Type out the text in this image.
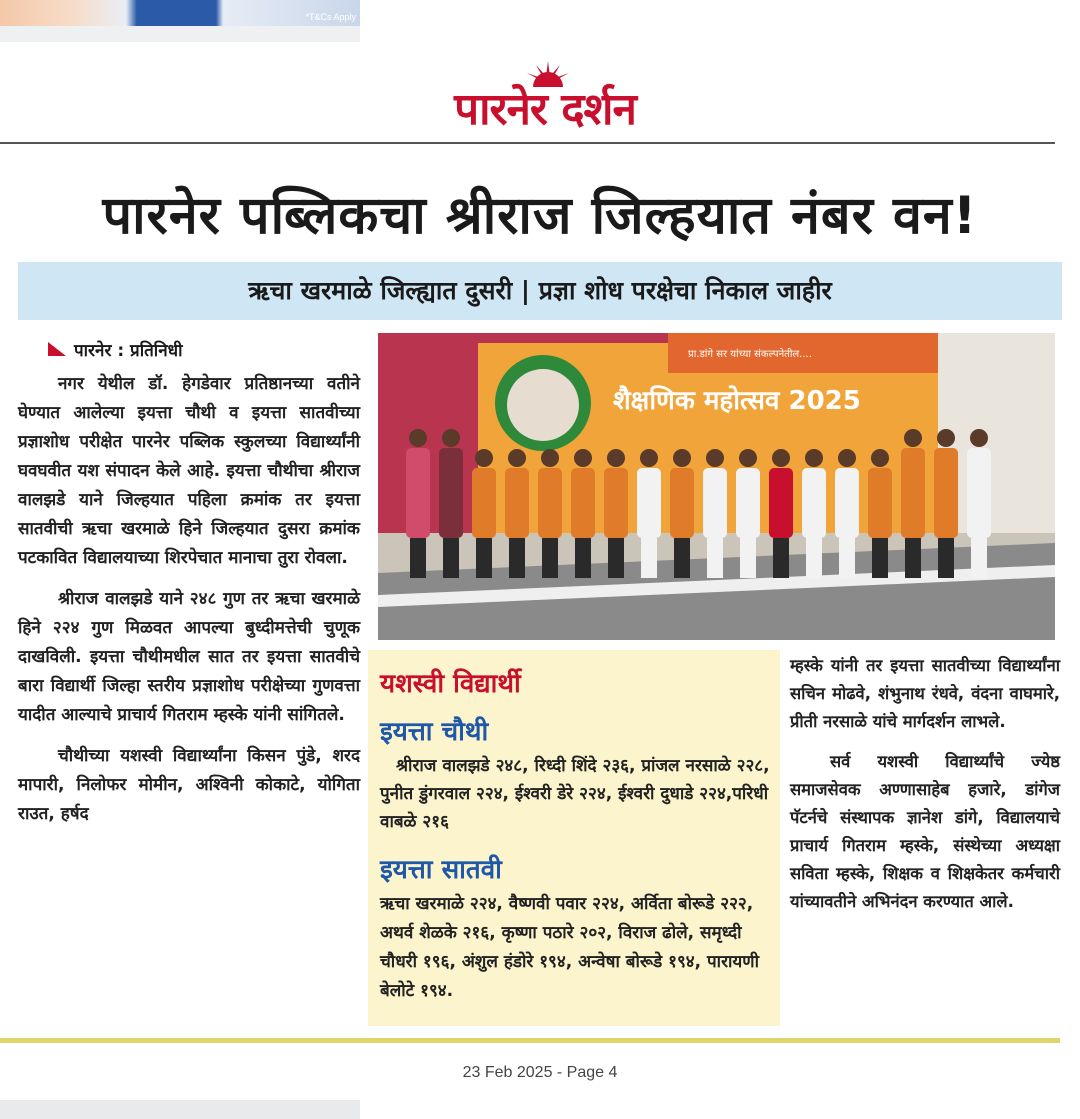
*T&Cs Apply
पारनेर दर्शन
पारनेर पब्लिकचा श्रीराज जिल्हयात नंबर वन!
ऋचा खरमाळे जिल्ह्यात दुसरी | प्रज्ञा शोध परक्षेचा निकाल जाहीर
पारनेर : प्रतिनिधी

नगर येथील डॉ. हेगडेवार प्रतिष्ठानच्या वतीने घेण्यात आलेल्या इयत्ता चौथी व इयत्ता सातवीच्या प्रज्ञाशोध परीक्षेत पारनेर पब्लिक स्कुलच्या विद्यार्थ्यांनी घवघवीत यश संपादन केले आहे. इयत्ता चौथीचा श्रीराज वालझडे याने जिल्हयात पहिला क्रमांक तर इयत्ता सातवीची ऋचा खरमाळे हिने जिल्हयात दुसरा क्रमांक पटकावित विद्यालयाच्या शिरपेचात मानाचा तुरा रोवला.

श्रीराज वालझडे याने २४८ गुण तर ऋचा खरमाळे हिने २२४ गुण मिळवत आपल्या बुध्दीमत्तेची चुणूक दाखविली. इयत्ता चौथीमधील सात तर इयत्ता सातवीचे बारा विद्यार्थी जिल्हा स्तरीय प्रज्ञाशोध परीक्षेच्या गुणवत्ता यादीत आल्याचे प्राचार्य गितराम म्हस्के यांनी सांगितले.

चौथीच्या यशस्वी विद्यार्थ्यांना किसन पुंडे, शरद मापारी, निलोफर मोमीन, अश्विनी कोकाटे, योगिता राउत, हर्षद

प्रा.डांगे सर यांच्या संकल्पनेतील....
शैक्षणिक महोत्सव 2025
यशस्वी विद्यार्थी
इयत्ता चौथी
श्रीराज वालझडे २४८, रिध्दी शिंदे २३६, प्रांजल नरसाळे २२८, पुनीत डुंगरवाल २२४, ईश्वरी डेरे २२४, ईश्वरी दुधाडे २२४,परिधी वाबळे २१६
इयत्ता सातवी
ऋचा खरमाळे २२४, वैष्णवी पवार २२४, अर्विता बोरूडे २२२, अथर्व शेळके २१६, कृष्णा पठारे २०२, विराज ढोले, समृध्दी चौधरी १९६, अंशुल हंडोरे १९४, अन्वेषा बोरूडे १९४, पारायणी बेलोटे १९४.

म्हस्के यांनी तर इयत्ता सातवीच्या विद्यार्थ्यांना सचिन मोढवे, शंभुनाथ रंधवे, वंदना वाघमारे, प्रीती नरसाळे यांचे मार्गदर्शन लाभले.

सर्व यशस्वी विद्यार्थ्यांचे ज्येष्ठ समाजसेवक अण्णासाहेब हजारे, डांगेज पॅटर्नचे संस्थापक ज्ञानेश डांगे, विद्यालयाचे प्राचार्य गितराम म्हस्के, संस्थेच्या अध्यक्षा सविता म्हस्के, शिक्षक व शिक्षकेतर कर्मचारी यांच्यावतीने अभिनंदन करण्यात आले.

23 Feb 2025 - Page 4
